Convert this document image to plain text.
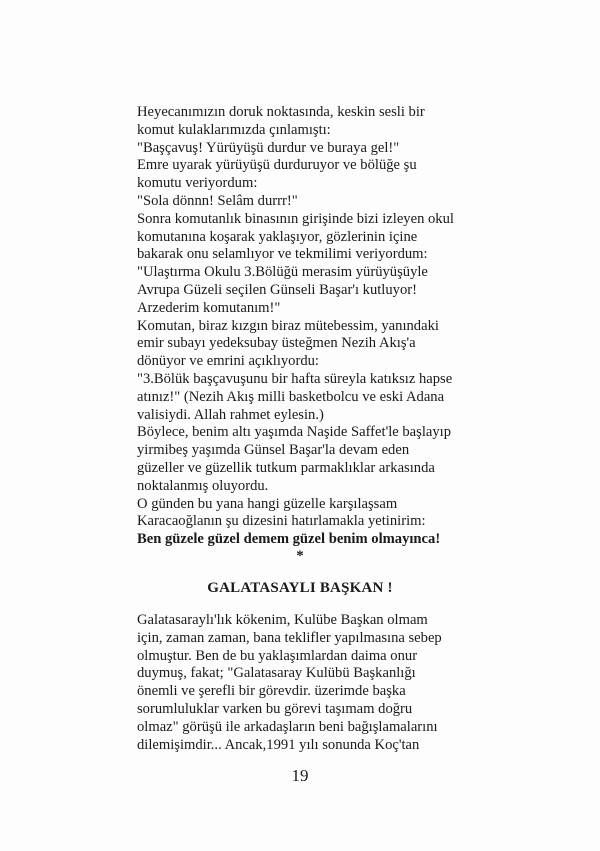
Heyecanımızın doruk noktasında, keskin sesli bir
komut kulaklarımızda çınlamıştı:
"Başçavuş! Yürüyüşü durdur ve buraya gel!"
Emre uyarak yürüyüşü durduruyor ve bölüğe şu
komutu veriyordum:
"Sola dönnn! Selâm durrr!"
Sonra komutanlık binasının girişinde bizi izleyen okul
komutanına koşarak yaklaşıyor, gözlerinin içine
bakarak onu selamlıyor ve tekmilimi veriyordum:
"Ulaştırma Okulu 3.Bölüğü merasim yürüyüşüyle
Avrupa Güzeli seçilen Günseli Başar'ı kutluyor!
Arzederim komutanım!"
Komutan, biraz kızgın biraz mütebessim, yanındaki
emir subayı yedeksubay üsteğmen Nezih Akış'a
dönüyor ve emrini açıklıyordu:
"3.Bölük başçavuşunu bir hafta süreyla katıksız hapse
atınız!" (Nezih Akış milli basketbolcu ve eski Adana
valisiydi. Allah rahmet eylesin.)
Böylece, benim altı yaşımda Naşide Saffet'le başlayıp
yirmibeş yaşımda Günsel Başar'la devam eden
güzeller ve güzellik tutkum parmaklıklar arkasında
noktalanmış oluyordu.
O günden bu yana hangi güzelle karşılaşsam
Karacaoğlanın şu dizesini hatırlamakla yetinirim:
Ben güzele güzel demem güzel benim olmayınca!
*
GALATASAYLI BAŞKAN !
Galatasaraylı'lık kökenim, Kulübe Başkan olmam
için, zaman zaman, bana teklifler yapılmasına sebep
olmuştur. Ben de bu yaklaşımlardan daima onur
duymuş, fakat; "Galatasaray Kulübü Başkanlığı
önemli ve şerefli bir görevdir. üzerimde başka
sorumluluklar varken bu görevi taşımam doğru
olmaz" görüşü ile arkadaşların beni bağışlamalarını
dilemişimdir... Ancak,1991 yılı sonunda Koç'tan
19
